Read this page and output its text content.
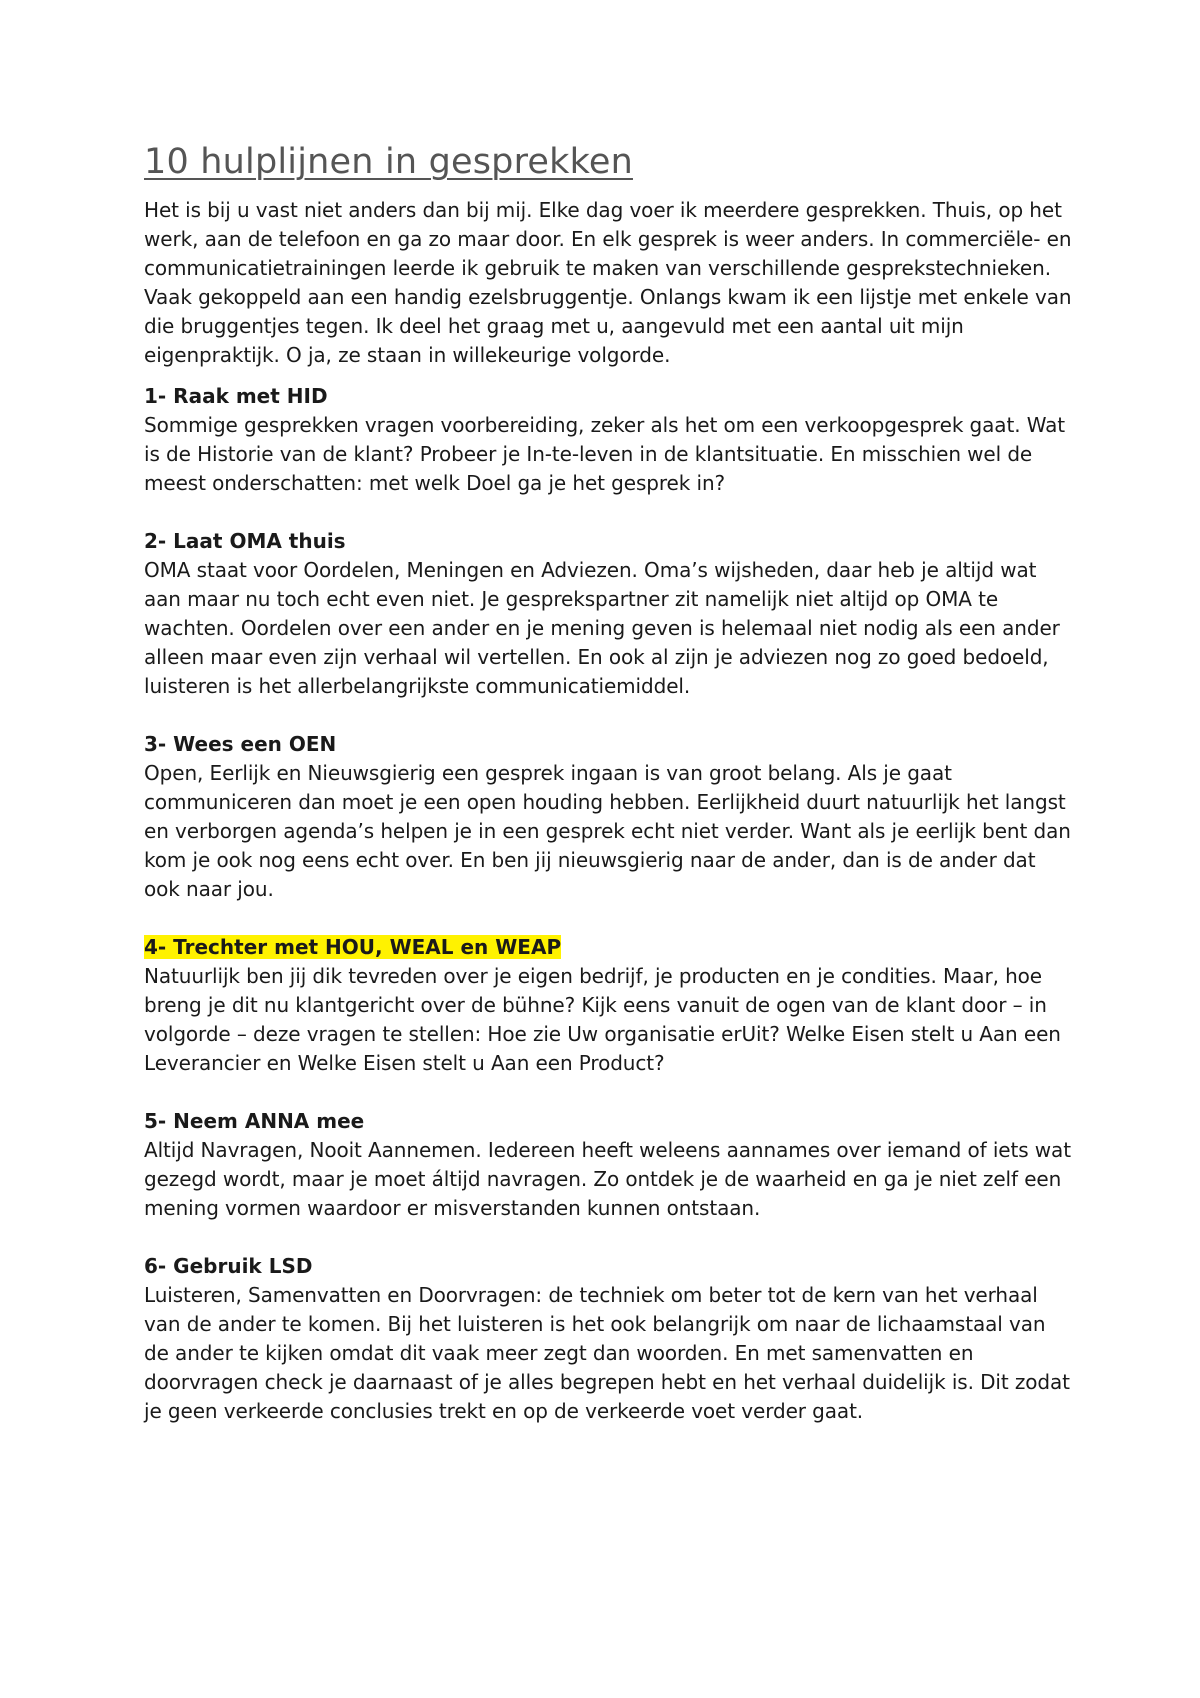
10 hulplijnen in gesprekken

Het is bij u vast niet anders dan bij mij. Elke dag voer ik meerdere gesprekken. Thuis, op het werk, aan de telefoon en ga zo maar door. En elk gesprek is weer anders. In commerciële- en communicatietrainingen leerde ik gebruik te maken van verschillende gesprekstechnieken. Vaak gekoppeld aan een handig ezelsbruggentje. Onlangs kwam ik een lijstje met enkele van die bruggentjes tegen. Ik deel het graag met u, aangevuld met een aantal uit mijn eigenpraktijk. O ja, ze staan in willekeurige volgorde.

1- Raak met HID

Sommige gesprekken vragen voorbereiding, zeker als het om een verkoopgesprek gaat. Wat is de Historie van de klant? Probeer je In-te-leven in de klantsituatie. En misschien wel de meest onderschatten: met welk Doel ga je het gesprek in?

2- Laat OMA thuis

OMA staat voor Oordelen, Meningen en Adviezen. Oma’s wijsheden, daar heb je altijd wat aan maar nu toch echt even niet. Je gesprekspartner zit namelijk niet altijd op OMA te wachten. Oordelen over een ander en je mening geven is helemaal niet nodig als een ander alleen maar even zijn verhaal wil vertellen. En ook al zijn je adviezen nog zo goed bedoeld, luisteren is het allerbelangrijkste communicatiemiddel.

3- Wees een OEN

Open, Eerlijk en Nieuwsgierig een gesprek ingaan is van groot belang. Als je gaat communiceren dan moet je een open houding hebben. Eerlijkheid duurt natuurlijk het langst en verborgen agenda’s helpen je in een gesprek echt niet verder. Want als je eerlijk bent dan kom je ook nog eens echt over. En ben jij nieuwsgierig naar de ander, dan is de ander dat ook naar jou.

4- Trechter met HOU, WEAL en WEAP

Natuurlijk ben jij dik tevreden over je eigen bedrijf, je producten en je condities. Maar, hoe breng je dit nu klantgericht over de bühne? Kijk eens vanuit de ogen van de klant door – in volgorde – deze vragen te stellen: Hoe zie Uw organisatie erUit? Welke Eisen stelt u Aan een Leverancier en Welke Eisen stelt u Aan een Product?

5- Neem ANNA mee

Altijd Navragen, Nooit Aannemen. Iedereen heeft weleens aannames over iemand of iets wat gezegd wordt, maar je moet áltijd navragen. Zo ontdek je de waarheid en ga je niet zelf een mening vormen waardoor er misverstanden kunnen ontstaan.

6- Gebruik LSD

Luisteren, Samenvatten en Doorvragen: de techniek om beter tot de kern van het verhaal van de ander te komen. Bij het luisteren is het ook belangrijk om naar de lichaamstaal van de ander te kijken omdat dit vaak meer zegt dan woorden. En met samenvatten en doorvragen check je daarnaast of je alles begrepen hebt en het verhaal duidelijk is. Dit zodat je geen verkeerde conclusies trekt en op de verkeerde voet verder gaat.
